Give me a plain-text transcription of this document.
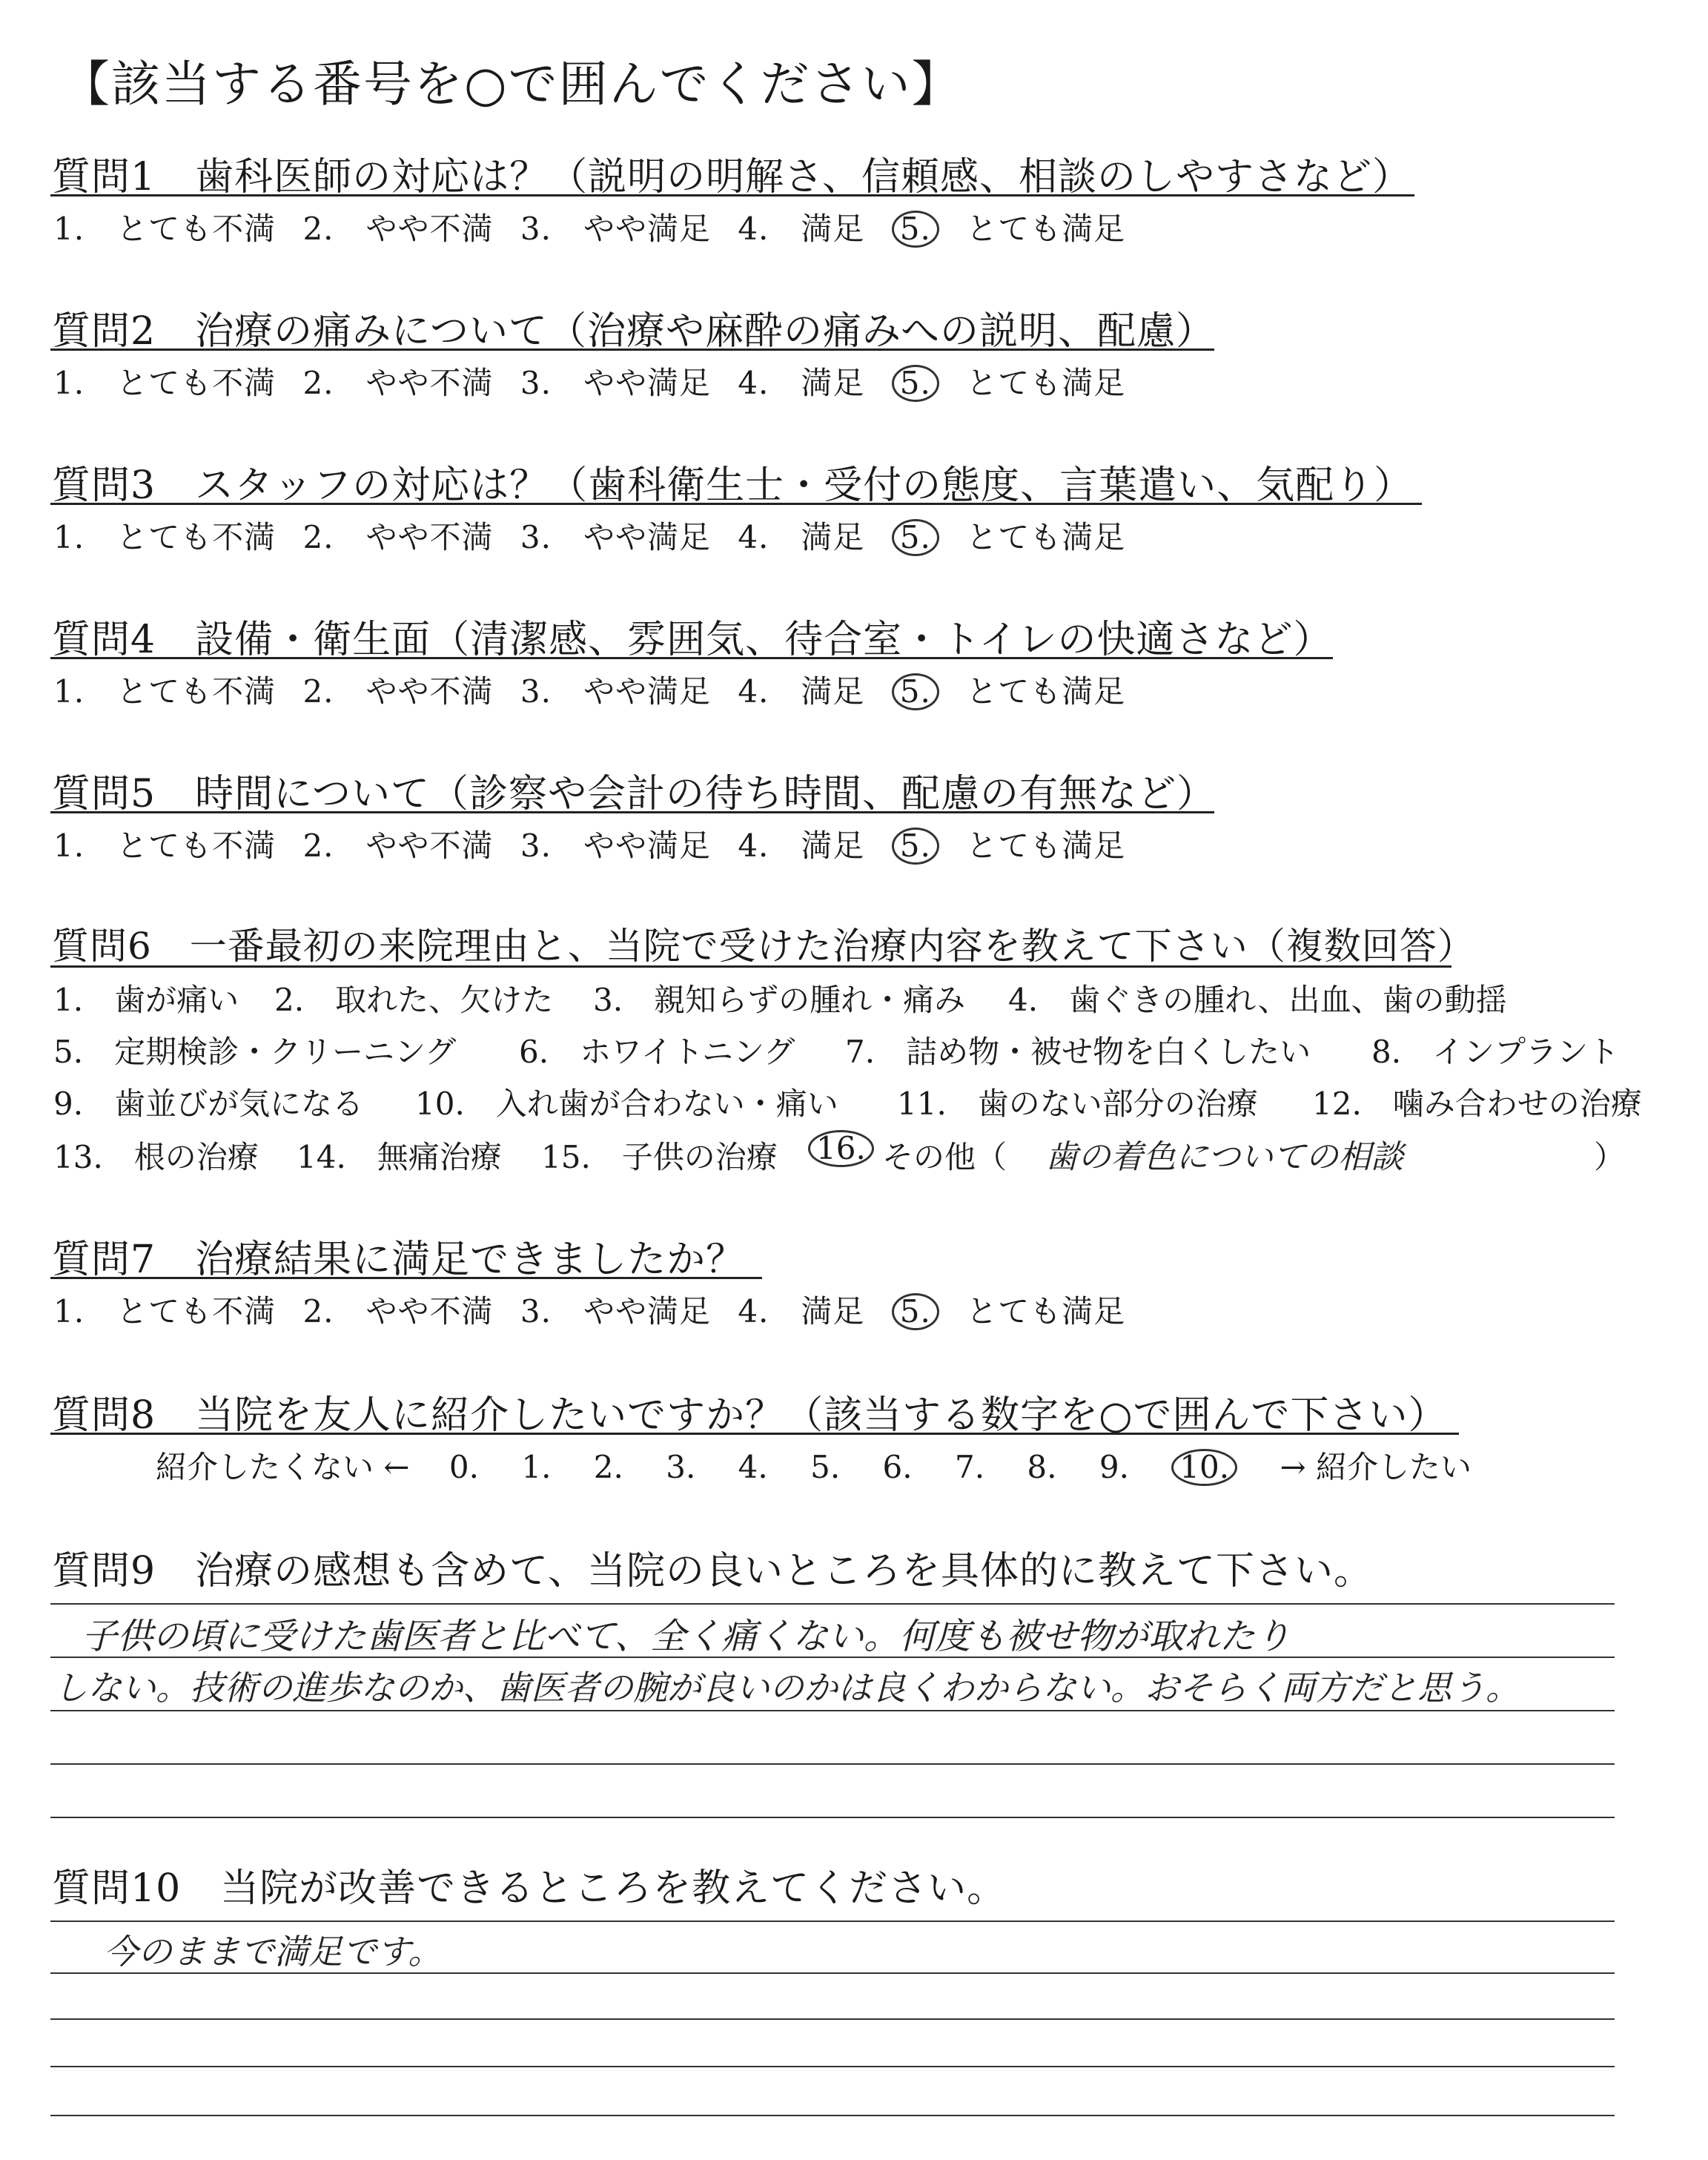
【該当する番号を○で囲んでください】
質問1　歯科医師の対応は？（説明の明解さ、信頼感、相談のしやすさなど）
1.　とても不満 2.　やや不満 3.　やや満足 4.　満足 5. とても満足
質問2　治療の痛みについて（治療や麻酔の痛みへの説明、配慮）
1.　とても不満 2.　やや不満 3.　やや満足 4.　満足 5. とても満足
質問3　スタッフの対応は？（歯科衛生士・受付の態度、言葉遣い、気配り）
1.　とても不満 2.　やや不満 3.　やや満足 4.　満足 5. とても満足
質問4　設備・衛生面（清潔感、雰囲気、待合室・トイレの快適さなど）
1.　とても不満 2.　やや不満 3.　やや満足 4.　満足 5. とても満足
質問5　時間について（診察や会計の待ち時間、配慮の有無など）
1.　とても不満 2.　やや不満 3.　やや満足 4.　満足 5. とても満足
質問6　一番最初の来院理由と、当院で受けた治療内容を教えて下さい（複数回答）
1.　歯が痛い 2.　取れた、欠けた 3.　親知らずの腫れ・痛み 4.　歯ぐきの腫れ、出血、歯の動揺
5.　定期検診・クリーニング 6.　ホワイトニング 7.　詰め物・被せ物を白くしたい 8.　インプラント
9.　歯並びが気になる 10.　入れ歯が合わない・痛い 11.　歯のない部分の治療 12.　噛み合わせの治療
13.　根の治療 14.　無痛治療 15.　子供の治療 16. その他（ 歯の着色についての相談	）
質問7　治療結果に満足できましたか？
1.　とても不満 2.　やや不満 3.　やや満足 4.　満足 5. とても満足
質問8　当院を友人に紹介したいですか？（該当する数字を○で囲んで下さい）
紹介したくない ← 0. 1. 2. 3. 4. 5. 6. 7. 8. 9. 10. → 紹介したい
質問9　治療の感想も含めて、当院の良いところを具体的に教えて下さい。
子供の頃に受けた歯医者と比べて、全く痛くない。何度も被せ物が取れたり
しない。技術の進歩なのか、歯医者の腕が良いのかは良くわからない。おそらく両方だと思う。
質問10　当院が改善できるところを教えてください。
今のままで満足です。
